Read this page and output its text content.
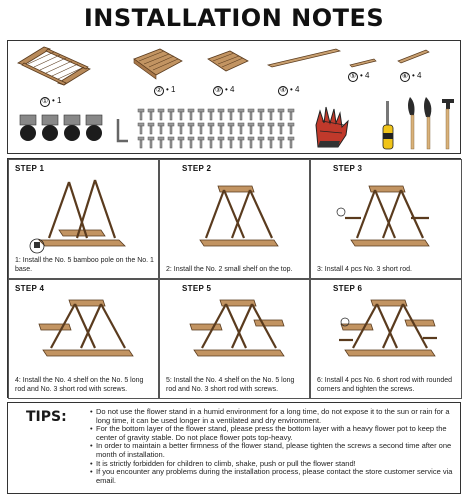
INSTALLATION NOTES
① • 1
② • 1	③ • 4	④ • 4
⑤ • 4	⑥ • 4
STEP 1
1: Install the No. 5 bamboo pole on the No. 1 base.
STEP 2
2: Install the No. 2 small shelf on the top.
STEP 3
3: Install 4 pcs No. 3 short rod.
STEP 4
4: Install the No. 4 shelf on the No. 5 long rod and No. 3 short rod with screws.
STEP 5
5: Install the No. 4 shelf on the No. 5 long rod and No. 3 short rod with screws.
STEP 6
6: Install 4 pcs No. 6 short rod with rounded corners and tighten the screws.
TIPS:
•	Do not use the flower stand in a humid environment for a long time, do not expose it to the sun or rain for a long time, it can be used longer in a ventilated and dry environment.
• For the bottom layer of the flower stand, please press the bottom layer with a heavy flower pot to keep the center of gravity stable. Do not place flower pots top-heavy.
• In order to maintain a better firmness of the flower stand, please tighten the screws a second time after one month of installation.
• It is strictly forbidden for children to climb, shake, push or pull the flower stand!
• If you encounter any problems during the installation process, please contact the store customer service via email.
